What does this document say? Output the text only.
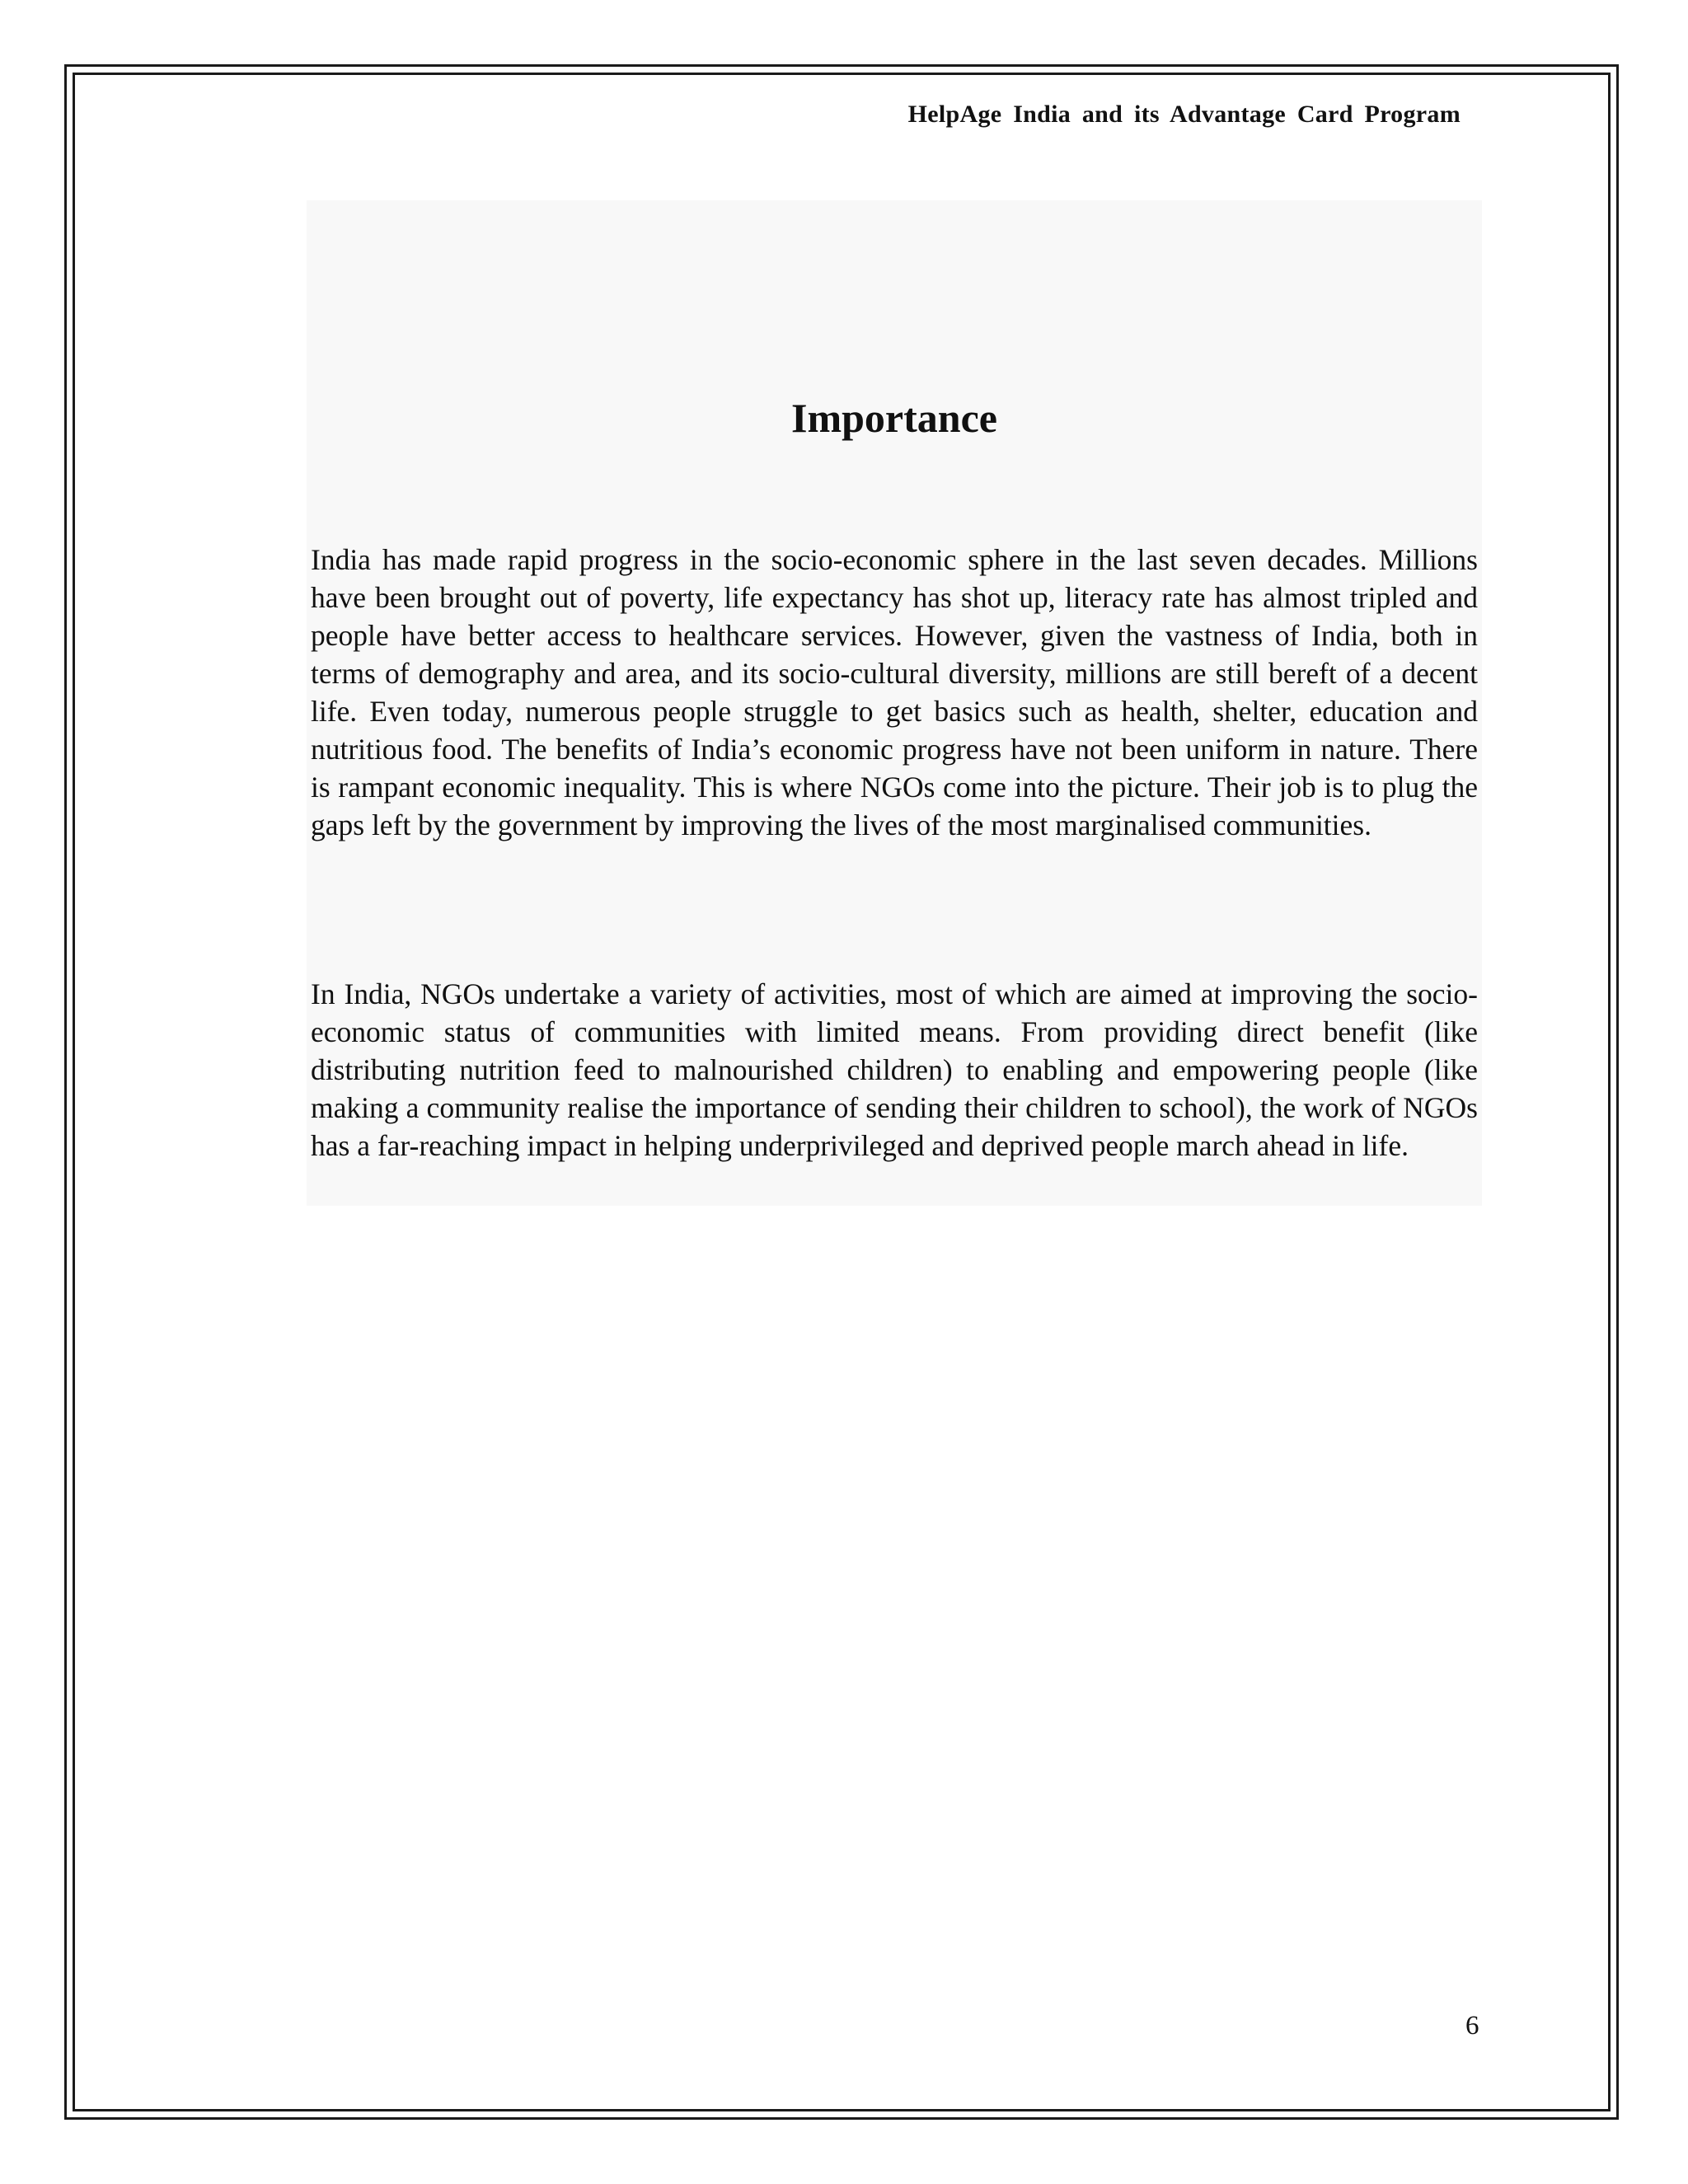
HelpAge India and its Advantage Card Program
Importance

India has made rapid progress in the socio-economic sphere in the last seven decades. Millions have been brought out of poverty, life expectancy has shot up, literacy rate has almost tripled and people have better access to healthcare services. However, given the vastness of India, both in terms of demography and area, and its socio-cultural diversity, millions are still bereft of a decent life. Even today, numerous people struggle to get basics such as health, shelter, education and nutritious food. The benefits of India’s economic progress have not been uniform in nature. There is rampant economic inequality. This is where NGOs come into the picture. Their job is to plug the gaps left by the government by improving the lives of the most marginalised communities.

In India, NGOs undertake a variety of activities, most of which are aimed at improving the socio-economic status of communities with limited means. From providing direct benefit (like distributing nutrition feed to malnourished children) to enabling and empowering people (like making a community realise the importance of sending their children to school), the work of NGOs has a far-reaching impact in helping underprivileged and deprived people march ahead in life.

6
